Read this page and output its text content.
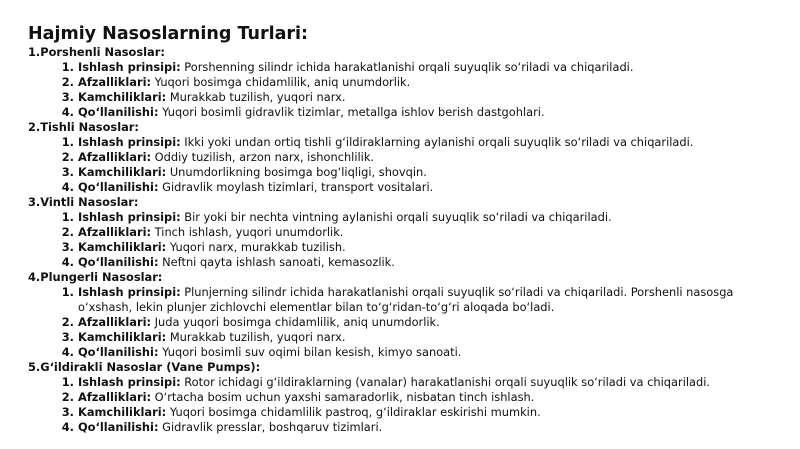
Hajmiy Nasoslarning Turlari:
1.Porshenli Nasoslar:
1. Ishlash prinsipi: Porshenning silindr ichida harakatlanishi orqali suyuqlik so‘riladi va chiqariladi.
2. Afzalliklari: Yuqori bosimga chidamlilik, aniq unumdorlik.
3. Kamchiliklari: Murakkab tuzilish, yuqori narx.
4. Qo‘llanilishi: Yuqori bosimli gidravlik tizimlar, metallga ishlov berish dastgohlari.
2.Tishli Nasoslar:
1. Ishlash prinsipi: Ikki yoki undan ortiq tishli g‘ildiraklarning aylanishi orqali suyuqlik so‘riladi va chiqariladi.
2. Afzalliklari: Oddiy tuzilish, arzon narx, ishonchlilik.
3. Kamchiliklari: Unumdorlikning bosimga bog‘liqligi, shovqin.
4. Qo‘llanilishi: Gidravlik moylash tizimlari, transport vositalari.
3.Vintli Nasoslar:
1. Ishlash prinsipi: Bir yoki bir nechta vintning aylanishi orqali suyuqlik so‘riladi va chiqariladi.
2. Afzalliklari: Tinch ishlash, yuqori unumdorlik.
3. Kamchiliklari: Yuqori narx, murakkab tuzilish.
4. Qo‘llanilishi: Neftni qayta ishlash sanoati, kemasozlik.
4.Plungerli Nasoslar:
1. Ishlash prinsipi: Plunjerning silindr ichida harakatlanishi orqali suyuqlik so‘riladi va chiqariladi. Porshenli nasosga o‘xshash, lekin plunjer zichlovchi elementlar bilan to‘g‘ridan-to‘g‘ri aloqada bo‘ladi.
2. Afzalliklari: Juda yuqori bosimga chidamlilik, aniq unumdorlik.
3. Kamchiliklari: Murakkab tuzilish, yuqori narx.
4. Qo‘llanilishi: Yuqori bosimli suv oqimi bilan kesish, kimyo sanoati.
5.G‘ildirakli Nasoslar (Vane Pumps):
1. Ishlash prinsipi: Rotor ichidagi g‘ildiraklarning (vanalar) harakatlanishi orqali suyuqlik so‘riladi va chiqariladi.
2. Afzalliklari: O‘rtacha bosim uchun yaxshi samaradorlik, nisbatan tinch ishlash.
3. Kamchiliklari: Yuqori bosimga chidamlilik pastroq, g‘ildiraklar eskirishi mumkin.
4. Qo‘llanilishi: Gidravlik presslar, boshqaruv tizimlari.
